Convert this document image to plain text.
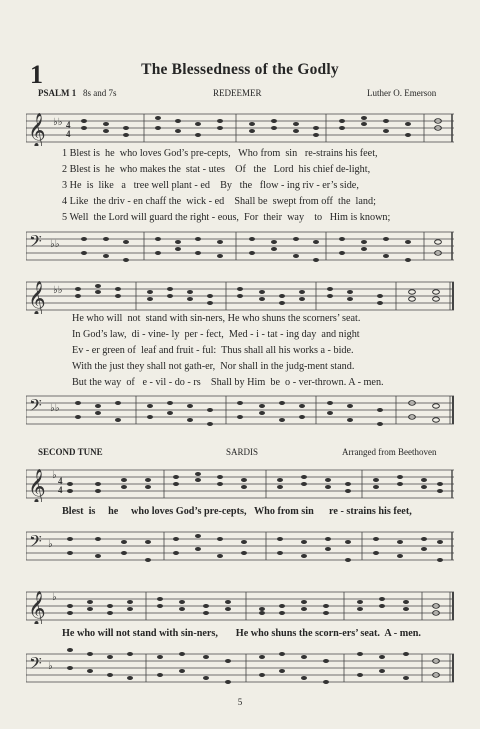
1	The Blessedness of the Godly
PSALM 1 8s and 7s	REDEEMER	Luther O. Emerson
𝄞 ♭♭ 4
4
1 Blest is  he  who loves God’s pre-cepts,   Who from  sin   re-strains his feet,
2 Blest is  he  who makes the  stat - utes    Of   the   Lord  his chief de-light,
3 He  is  like   a   tree well plant - ed    By   the   flow - ing riv - er’s side,
4 Like  the driv - en chaff the  wick - ed    Shall be  swept from off  the  land;
5 Well  the Lord will guard the right - eous,  For  their  way    to   Him is known;
𝄢 ♭♭
𝄞 ♭♭
He who will  not  stand with sin-ners, He who shuns the scorners’ seat.
In God’s law,  di - vine- ly  per - fect,  Med - i - tat - ing day  and night
Ev - er green of  leaf and fruit - ful:  Thus shall all his works a - bide.
With the just they shall not gath-er,  Nor shall in the judg-ment stand.
But the way  of   e - vil - do - rs    Shall by Him  be  o - ver-thrown. A - men.
𝄢 ♭♭
SECOND TUNE	SARDIS	Arranged from Beethoven
𝄞 ♭ 4
4
Blest  is     he     who loves God’s pre-cepts,   Who from sin      re - strains his feet,
𝄢 ♭
𝄞 ♭
He who will not stand with sin-ners,       He who shuns the scorn-ers’ seat.  A - men.
𝄢 ♭
5
